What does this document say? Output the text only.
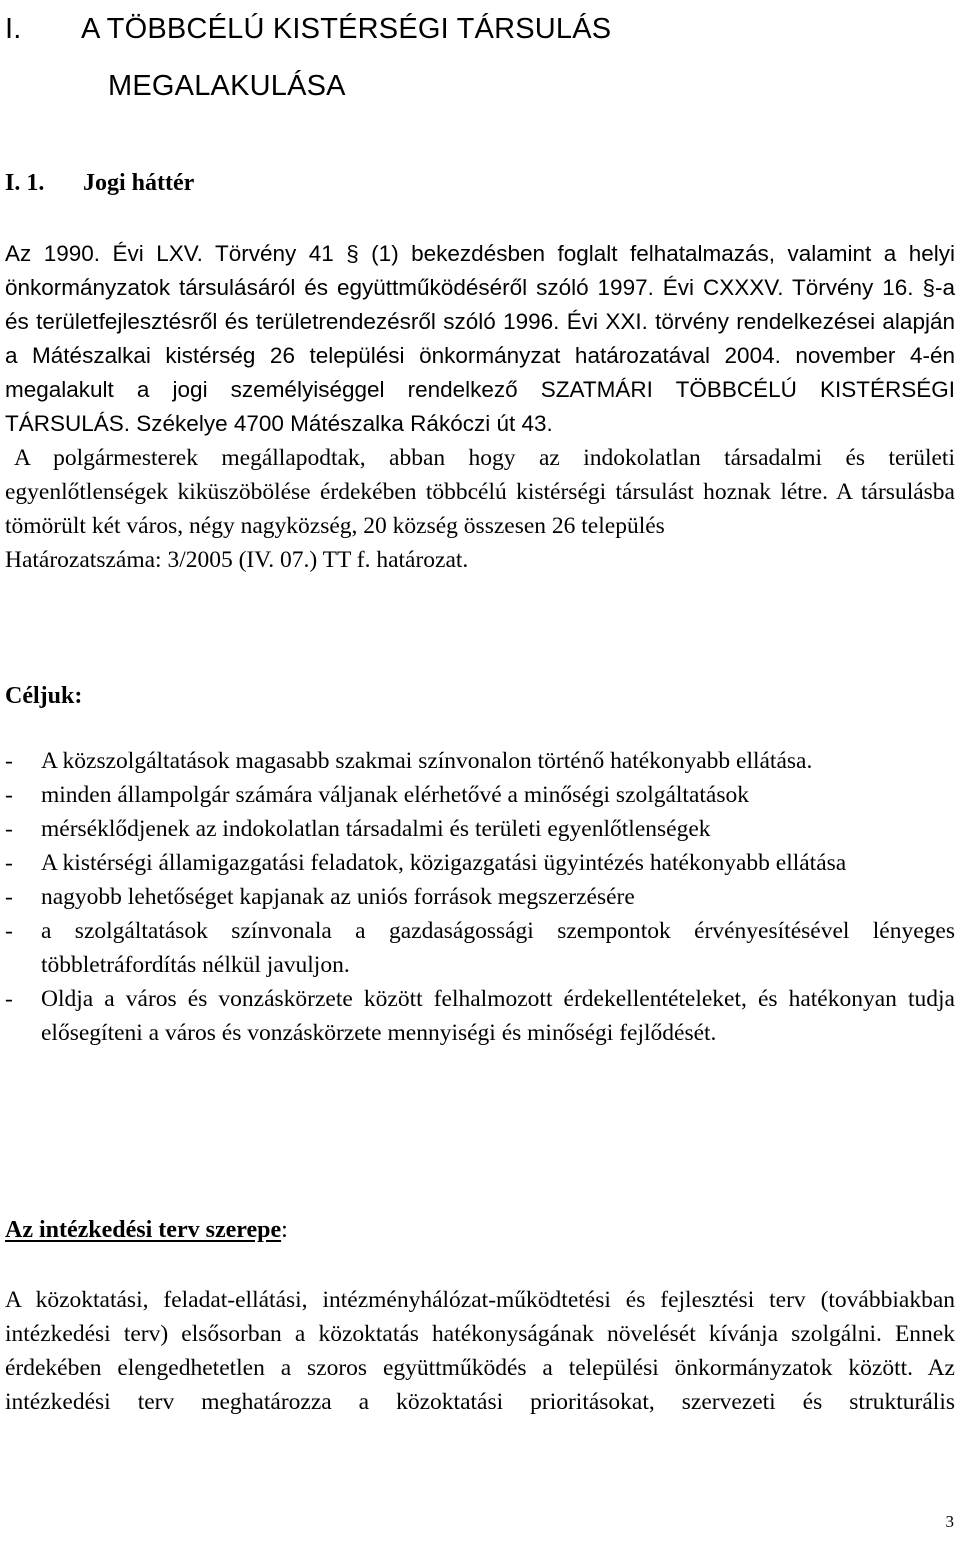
I. A TÖBBCÉLÚ KISTÉRSÉGI TÁRSULÁS
MEGALAKULÁSA
I. 1. Jogi háttér
Az 1990. Évi LXV. Törvény 41 § (1) bekezdésben foglalt felhatalmazás, valamint a helyi önkormányzatok társulásáról és együttműködéséről szóló 1997. Évi CXXXV. Törvény 16. §-a és területfejlesztésről és területrendezésről szóló 1996. Évi XXI. törvény rendelkezései alapján a Mátészalkai kistérség 26 települési önkormányzat határozatával 2004. november 4-én megalakult a jogi személyiséggel rendelkező SZATMÁRI TÖBBCÉLÚ KISTÉRSÉGI TÁRSULÁS. Székelye 4700 Mátészalka Rákóczi út 43.
A polgármesterek megállapodtak, abban hogy az indokolatlan társadalmi és területi egyenlőtlenségek kiküszöbölése érdekében többcélú kistérségi társulást hoznak létre. A társulásba tömörült két város, négy nagyközség, 20 község összesen 26 település
Határozatszáma: 3/2005 (IV. 07.) TT f. határozat.
Céljuk:
- A közszolgáltatások magasabb szakmai színvonalon történő hatékonyabb ellátása.
- minden állampolgár számára váljanak elérhetővé a minőségi szolgáltatások
- mérséklődjenek az indokolatlan társadalmi és területi egyenlőtlenségek
- A kistérségi államigazgatási feladatok, közigazgatási ügyintézés hatékonyabb ellátása
- nagyobb lehetőséget kapjanak az uniós források megszerzésére
- a szolgáltatások színvonala a gazdaságossági szempontok érvényesítésével lényeges többletráfordítás nélkül javuljon.
- Oldja a város és vonzáskörzete között felhalmozott érdekellentételeket, és hatékonyan tudja elősegíteni a város és vonzáskörzete mennyiségi és minőségi fejlődését.
Az intézkedési terv szerepe:
A közoktatási, feladat-ellátási, intézményhálózat-működtetési és fejlesztési terv (továbbiakban intézkedési terv) elsősorban a közoktatás hatékonyságának növelését kívánja szolgálni. Ennek érdekében elengedhetetlen a szoros együttműködés a települési önkormányzatok között. Az intézkedési terv meghatározza a közoktatási prioritásokat, szervezeti és strukturális
3
